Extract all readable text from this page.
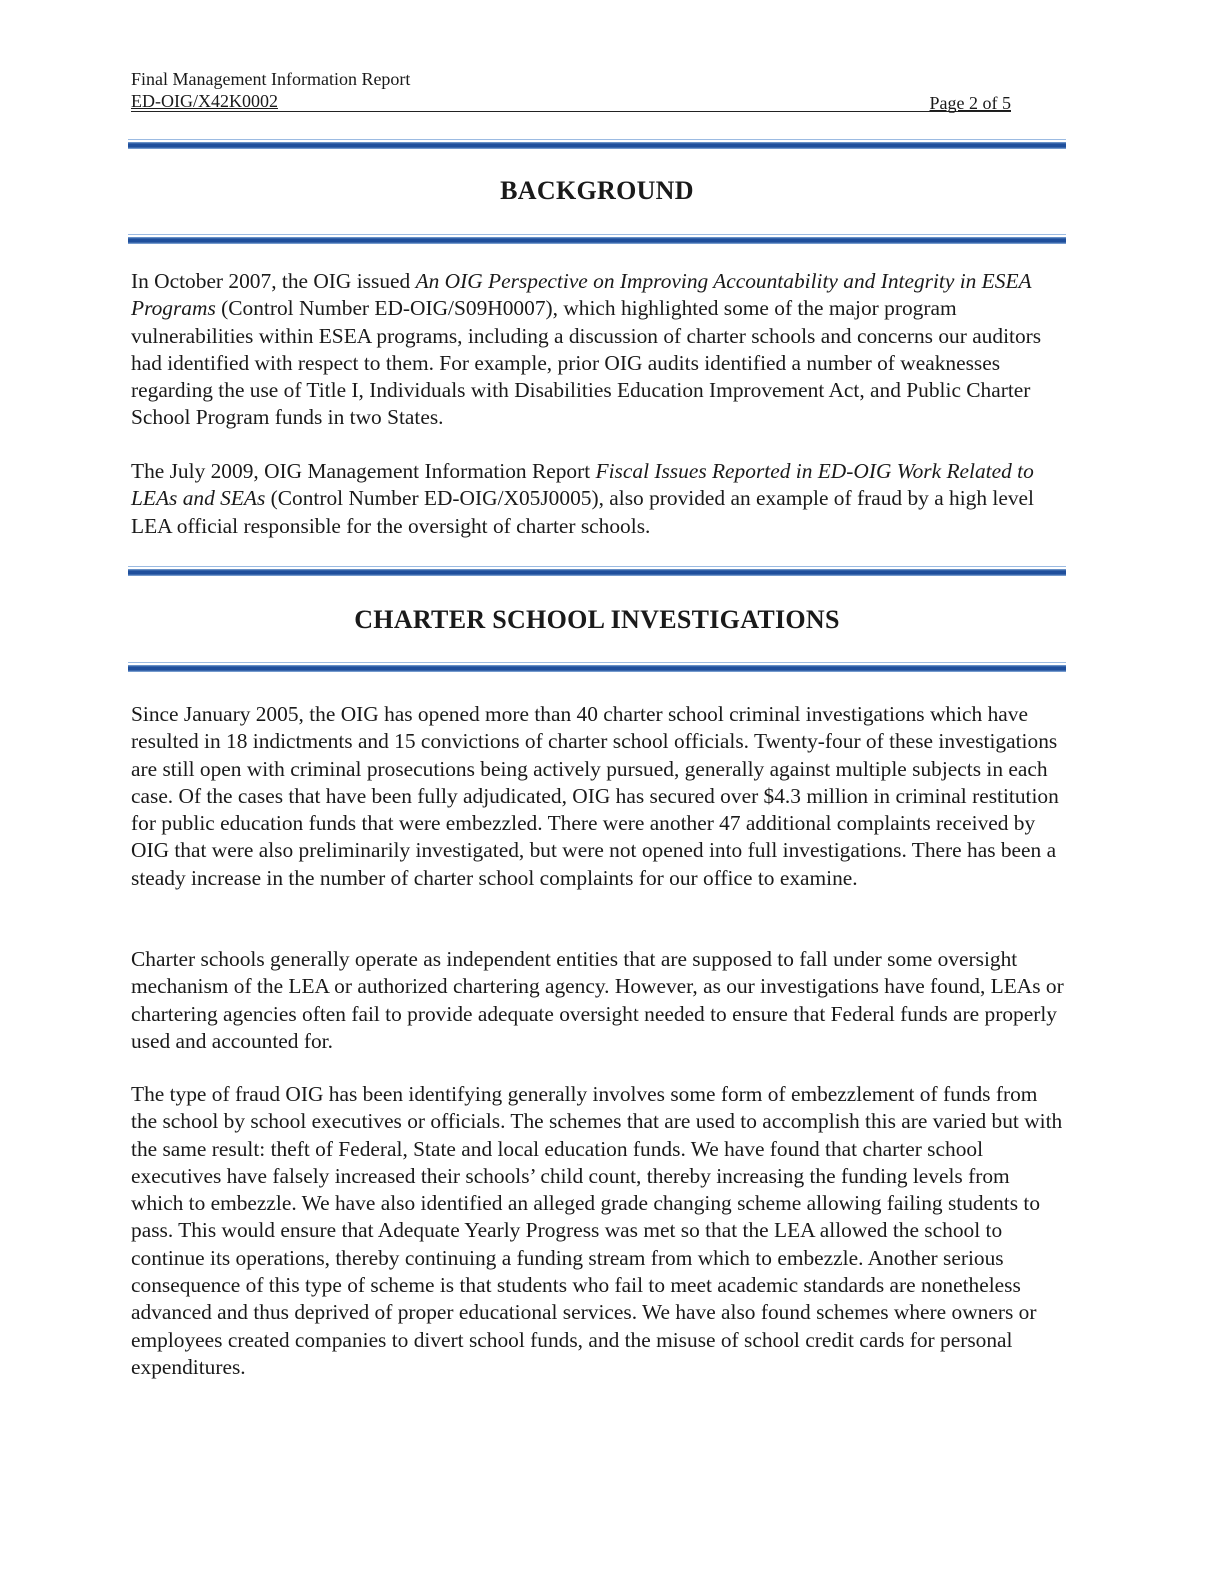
Final Management Information Report
ED-OIG/X42K0002	Page 2 of 5
BACKGROUND

In October 2007, the OIG issued An OIG Perspective on Improving Accountability and Integrity in ESEA Programs (Control Number ED-OIG/S09H0007), which highlighted some of the major program vulnerabilities within ESEA programs, including a discussion of charter schools and concerns our auditors had identified with respect to them. For example, prior OIG audits identified a number of weaknesses regarding the use of Title I, Individuals with Disabilities Education Improvement Act, and Public Charter School Program funds in two States.

The July 2009, OIG Management Information Report Fiscal Issues Reported in ED-OIG Work Related to LEAs and SEAs (Control Number ED-OIG/X05J0005), also provided an example of fraud by a high level LEA official responsible for the oversight of charter schools.

CHARTER SCHOOL INVESTIGATIONS

Since January 2005, the OIG has opened more than 40 charter school criminal investigations which have resulted in 18 indictments and 15 convictions of charter school officials. Twenty-four of these investigations are still open with criminal prosecutions being actively pursued, generally against multiple subjects in each case. Of the cases that have been fully adjudicated, OIG has secured over $4.3 million in criminal restitution for public education funds that were embezzled. There were another 47 additional complaints received by OIG that were also preliminarily investigated, but were not opened into full investigations. There has been a steady increase in the number of charter school complaints for our office to examine.

Charter schools generally operate as independent entities that are supposed to fall under some oversight mechanism of the LEA or authorized chartering agency. However, as our investigations have found, LEAs or chartering agencies often fail to provide adequate oversight needed to ensure that Federal funds are properly used and accounted for.

The type of fraud OIG has been identifying generally involves some form of embezzlement of funds from the school by school executives or officials. The schemes that are used to accomplish this are varied but with the same result: theft of Federal, State and local education funds. We have found that charter school executives have falsely increased their schools’ child count, thereby increasing the funding levels from which to embezzle. We have also identified an alleged grade changing scheme allowing failing students to pass. This would ensure that Adequate Yearly Progress was met so that the LEA allowed the school to continue its operations, thereby continuing a funding stream from which to embezzle. Another serious consequence of this type of scheme is that students who fail to meet academic standards are nonetheless advanced and thus deprived of proper educational services. We have also found schemes where owners or employees created companies to divert school funds, and the misuse of school credit cards for personal expenditures.
